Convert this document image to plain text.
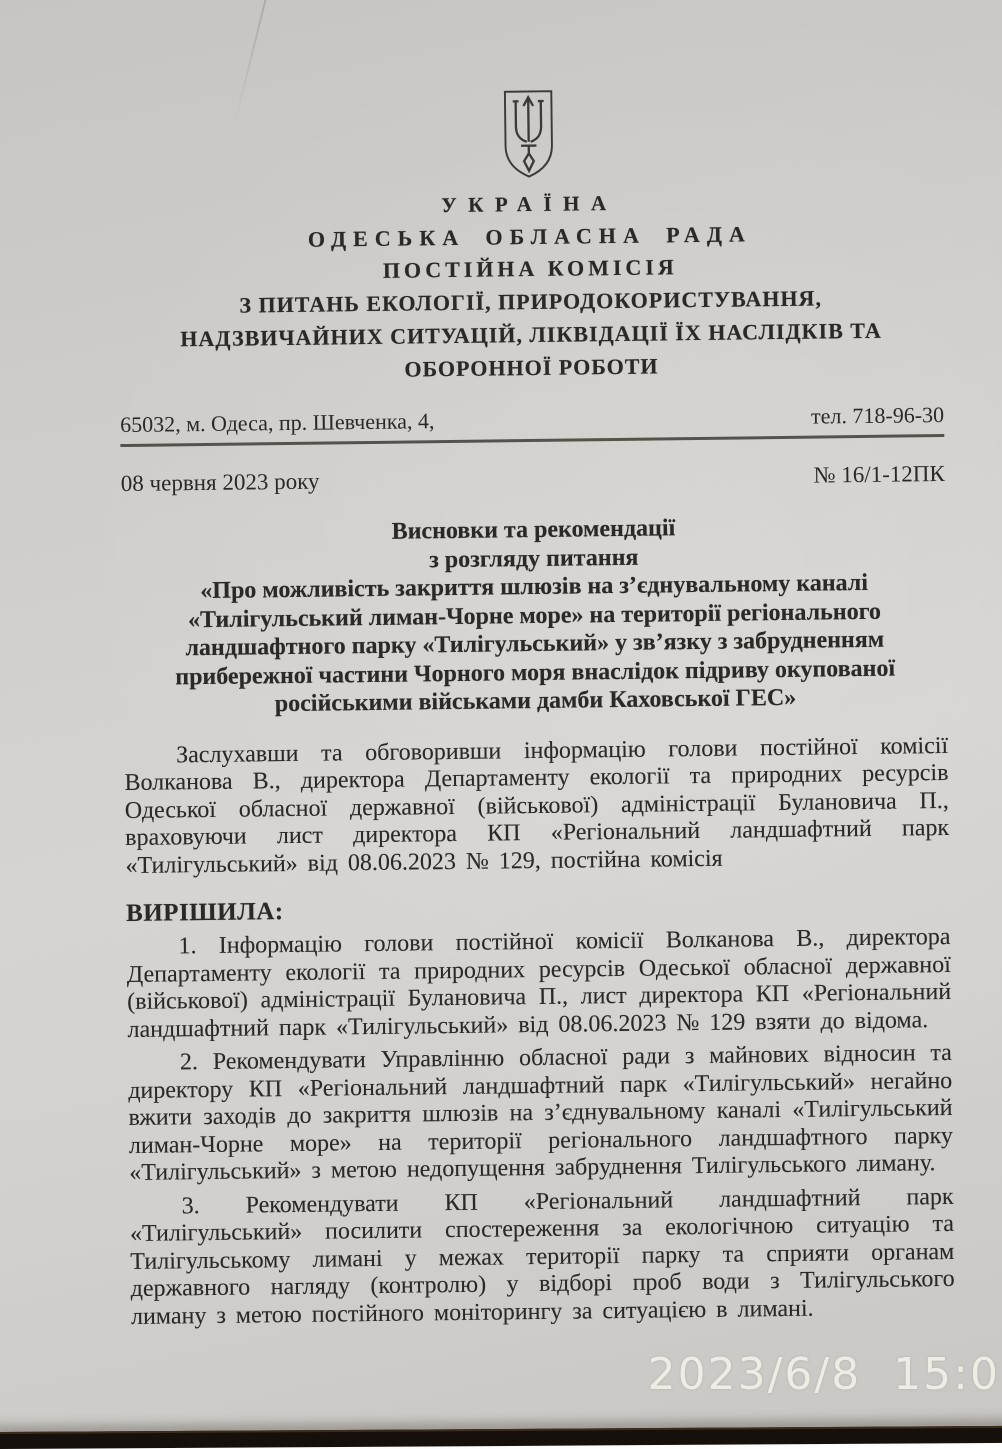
УКРАЇНА
ОДЕСЬКА ОБЛАСНА РАДА
ПОСТІЙНА КОМІСІЯ
З ПИТАНЬ ЕКОЛОГІЇ, ПРИРОДОКОРИСТУВАННЯ,
НАДЗВИЧАЙНИХ СИТУАЦІЙ, ЛІКВІДАЦІЇ ЇХ НАСЛІДКІВ ТА
ОБОРОННОЇ РОБОТИ
65032, м. Одеса, пр. Шевченка, 4,	тел. 718-96-30
08 червня 2023 року	№ 16/1-12ПК
Висновки та рекомендації
з розгляду питання
«Про можливість закриття шлюзів на з’єднувальному каналі
«Тилігульський лиман-Чорне море» на території регіонального
ландшафтного парку «Тилігульський» у зв’язку з забрудненням
прибережної частини Чорного моря внаслідок підриву окупованої
російськими військами дамби Каховської ГЕС»

Заслухавши та обговоривши інформацію голови постійної комісії Волканова В., директора Департаменту екології та природних ресурсів Одеської обласної державної (військової) адміністрації Булановича П., враховуючи лист директора КП «Регіональний ландшафтний парк «Тилігульський» від 08.06.2023 № 129, постійна комісія

ВИРІШИЛА:

1. Інформацію голови постійної комісії Волканова В., директора Департаменту екології та природних ресурсів Одеської обласної державної (військової) адміністрації Булановича П., лист директора КП «Регіональний ландшафтний парк «Тилігульський» від 08.06.2023 № 129 взяти до відома.

2. Рекомендувати Управлінню обласної ради з майнових відносин та директору КП «Регіональний ландшафтний парк «Тилігульський» негайно вжити заходів до закриття шлюзів на з’єднувальному каналі «Тилігульський лиман-Чорне море» на території регіонального ландшафтного парку «Тилігульський» з метою недопущення забруднення Тилігульського лиману.

3. Рекомендувати КП «Регіональний ландшафтний парк «Тилігульський» посилити спостереження за екологічною ситуацію та Тилігульському лимані у межах території парку та сприяти органам державного нагляду (контролю) у відборі проб води з Тилігульського лиману з метою постійного моніторингу за ситуацією в лимані.

2023/6/8  15:0
